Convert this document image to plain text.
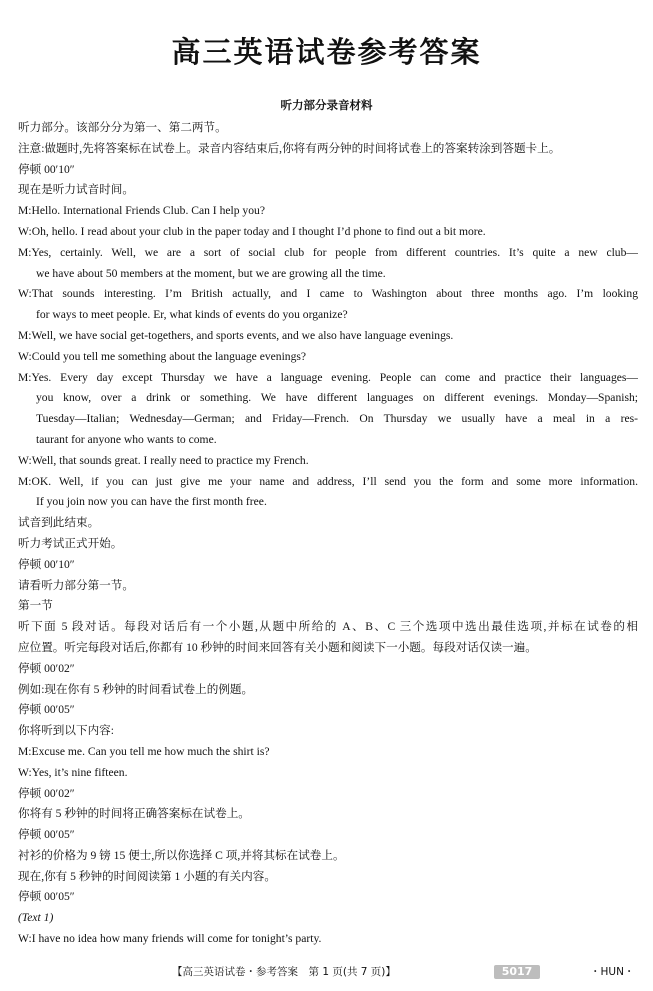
高三英语试卷参考答案
听力部分录音材料
听力部分。该部分分为第一、第二两节。
注意:做题时,先将答案标在试卷上。录音内容结束后,你将有两分钟的时间将试卷上的答案转涂到答题卡上。
停顿 00′10″
现在是听力试音时间。
M:Hello. International Friends Club. Can I help you?
W:Oh, hello. I read about your club in the paper today and I thought I’d phone to find out a bit more.
M:Yes, certainly. Well, we are a sort of social club for people from different countries. It’s quite a new club—
we have about 50 members at the moment, but we are growing all the time.
W:That sounds interesting. I’m British actually, and I came to Washington about three months ago. I’m looking
for ways to meet people. Er, what kinds of events do you organize?
M:Well, we have social get-togethers, and sports events, and we also have language evenings.
W:Could you tell me something about the language evenings?
M:Yes. Every day except Thursday we have a language evening. People can come and practice their languages—
you know, over a drink or something. We have different languages on different evenings. Monday—Spanish;
Tuesday—Italian; Wednesday—German; and Friday—French. On Thursday we usually have a meal in a res-
taurant for anyone who wants to come.
W:Well, that sounds great. I really need to practice my French.
M:OK. Well, if you can just give me your name and address, I’ll send you the form and some more information.
If you join now you can have the first month free.
试音到此结束。
听力考试正式开始。
停顿 00′10″
请看听力部分第一节。
第一节
听下面 5 段对话。每段对话后有一个小题,从题中所给的 A、B、C 三个选项中选出最佳选项,并标在试卷的相
应位置。听完每段对话后,你都有 10 秒钟的时间来回答有关小题和阅读下一小题。每段对话仅读一遍。
停顿 00′02″
例如:现在你有 5 秒钟的时间看试卷上的例题。
停顿 00′05″
你将听到以下内容:
M:Excuse me. Can you tell me how much the shirt is?
W:Yes, it’s nine fifteen.
停顿 00′02″
你将有 5 秒钟的时间将正确答案标在试卷上。
停顿 00′05″
衬衫的价格为 9 镑 15 便士,所以你选择 C 项,并将其标在试卷上。
现在,你有 5 秒钟的时间阅读第 1 小题的有关内容。
停顿 00′05″
(Text 1)
W:I have no idea how many friends will come for tonight’s party.
【高三英语试卷・参考答案　第 1 页(共 7 页)】	5017	・HUN・
